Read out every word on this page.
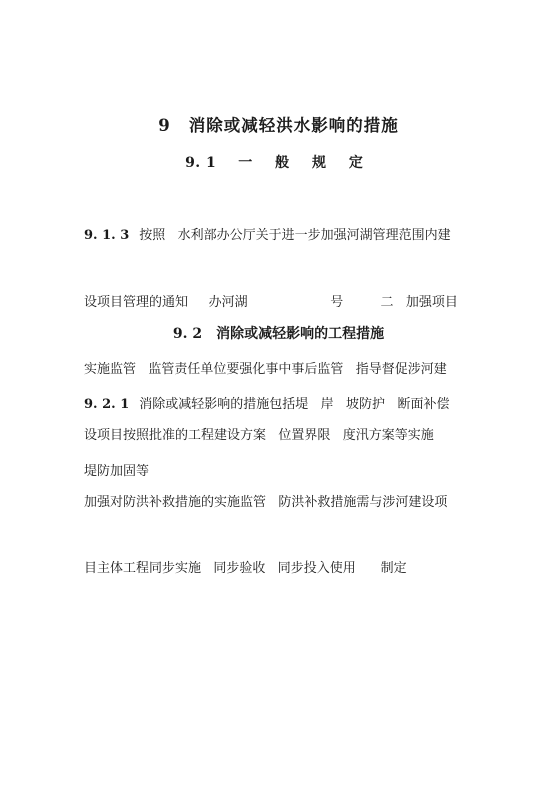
9 消除或减轻洪水影响的措施
9. 1 一 般 规 定

9. 1. 3 按照   水利部办公厅关于进一步加强河湖管理范围内建

设项目管理的通知     办河湖                    号         二   加强项目

实施监管   监管责任单位要强化事中事后监管   指导督促涉河建

设项目按照批准的工程建设方案   位置界限   度汛方案等实施

加强对防洪补救措施的实施监管   防洪补救措施需与涉河建设项

目主体工程同步实施   同步验收   同步投入使用      制定

9. 2 消除或减轻影响的工程措施

9. 2. 1 消除或减轻影响的措施包括堤   岸   坡防护   断面补偿

堤防加固等
